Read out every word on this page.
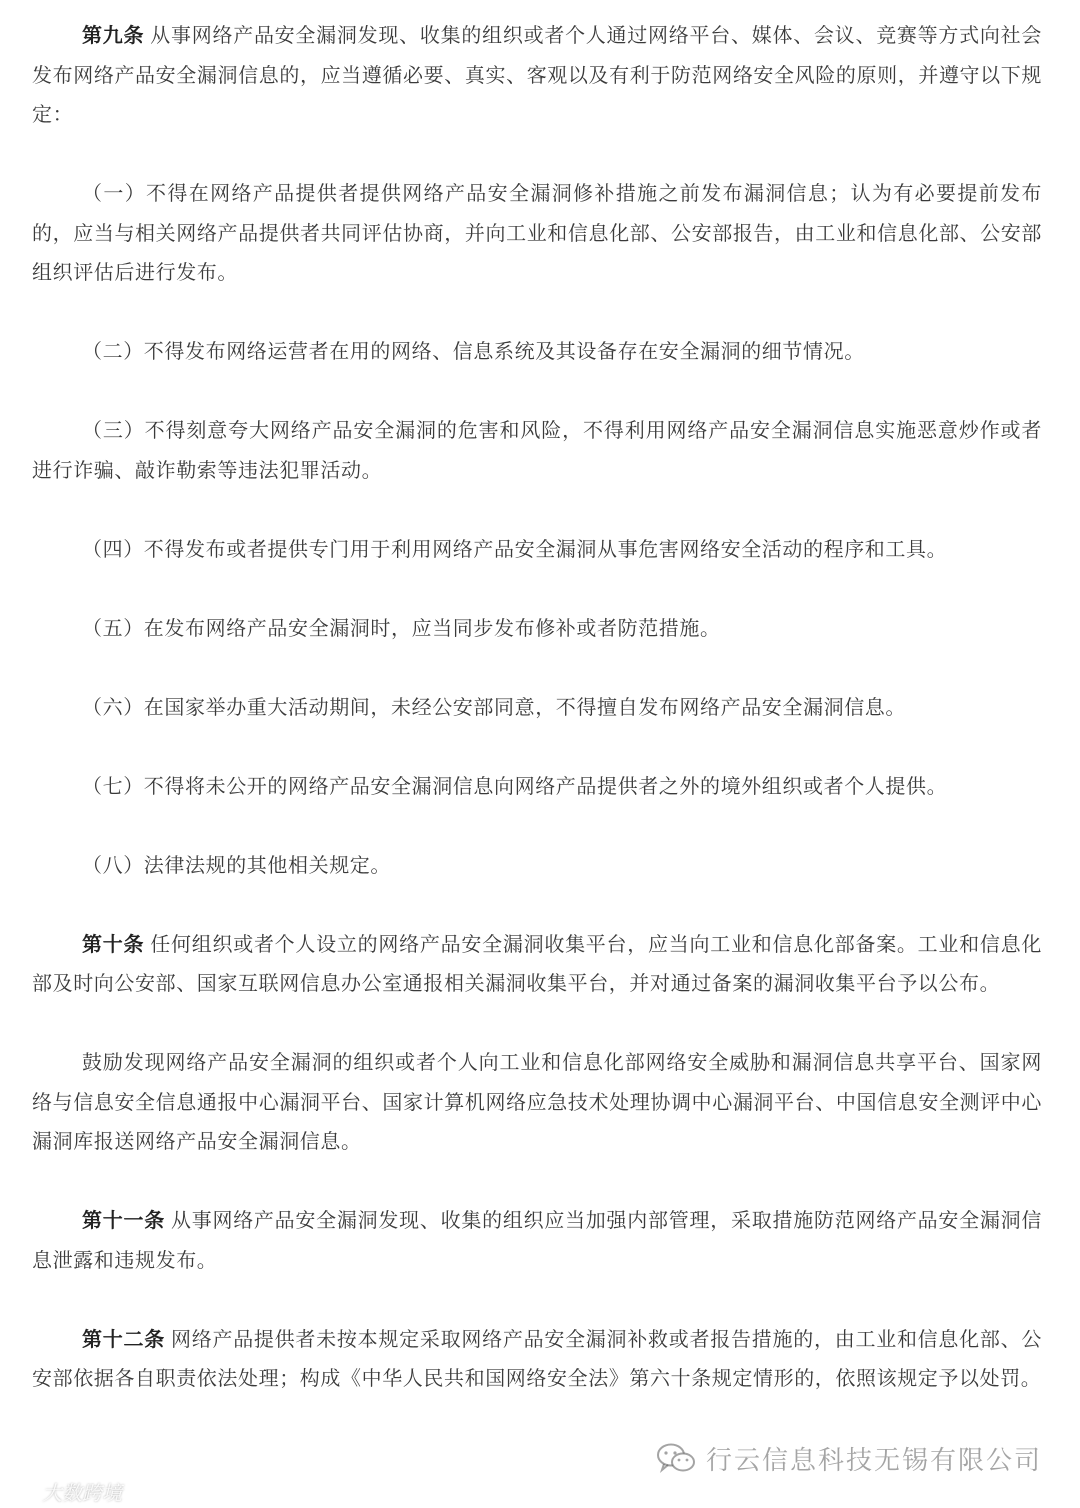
第九条 从事网络产品安全漏洞发现、收集的组织或者个人通过网络平台、媒体、会议、竞赛等方式向社会发布网络产品安全漏洞信息的，应当遵循必要、真实、客观以及有利于防范网络安全风险的原则，并遵守以下规定：

（一）不得在网络产品提供者提供网络产品安全漏洞修补措施之前发布漏洞信息；认为有必要提前发布的，应当与相关网络产品提供者共同评估协商，并向工业和信息化部、公安部报告，由工业和信息化部、公安部组织评估后进行发布。

（二）不得发布网络运营者在用的网络、信息系统及其设备存在安全漏洞的细节情况。

（三）不得刻意夸大网络产品安全漏洞的危害和风险，不得利用网络产品安全漏洞信息实施恶意炒作或者进行诈骗、敲诈勒索等违法犯罪活动。

（四）不得发布或者提供专门用于利用网络产品安全漏洞从事危害网络安全活动的程序和工具。

（五）在发布网络产品安全漏洞时，应当同步发布修补或者防范措施。

（六）在国家举办重大活动期间，未经公安部同意，不得擅自发布网络产品安全漏洞信息。

（七）不得将未公开的网络产品安全漏洞信息向网络产品提供者之外的境外组织或者个人提供。

（八）法律法规的其他相关规定。

第十条 任何组织或者个人设立的网络产品安全漏洞收集平台，应当向工业和信息化部备案。工业和信息化部及时向公安部、国家互联网信息办公室通报相关漏洞收集平台，并对通过备案的漏洞收集平台予以公布。

鼓励发现网络产品安全漏洞的组织或者个人向工业和信息化部网络安全威胁和漏洞信息共享平台、国家网络与信息安全信息通报中心漏洞平台、国家计算机网络应急技术处理协调中心漏洞平台、中国信息安全测评中心漏洞库报送网络产品安全漏洞信息。

第十一条 从事网络产品安全漏洞发现、收集的组织应当加强内部管理，采取措施防范网络产品安全漏洞信息泄露和违规发布。

第十二条 网络产品提供者未按本规定采取网络产品安全漏洞补救或者报告措施的，由工业和信息化部、公安部依据各自职责依法处理；构成《中华人民共和国网络安全法》第六十条规定情形的，依照该规定予以处罚。

行云信息科技无锡有限公司
大数跨境
